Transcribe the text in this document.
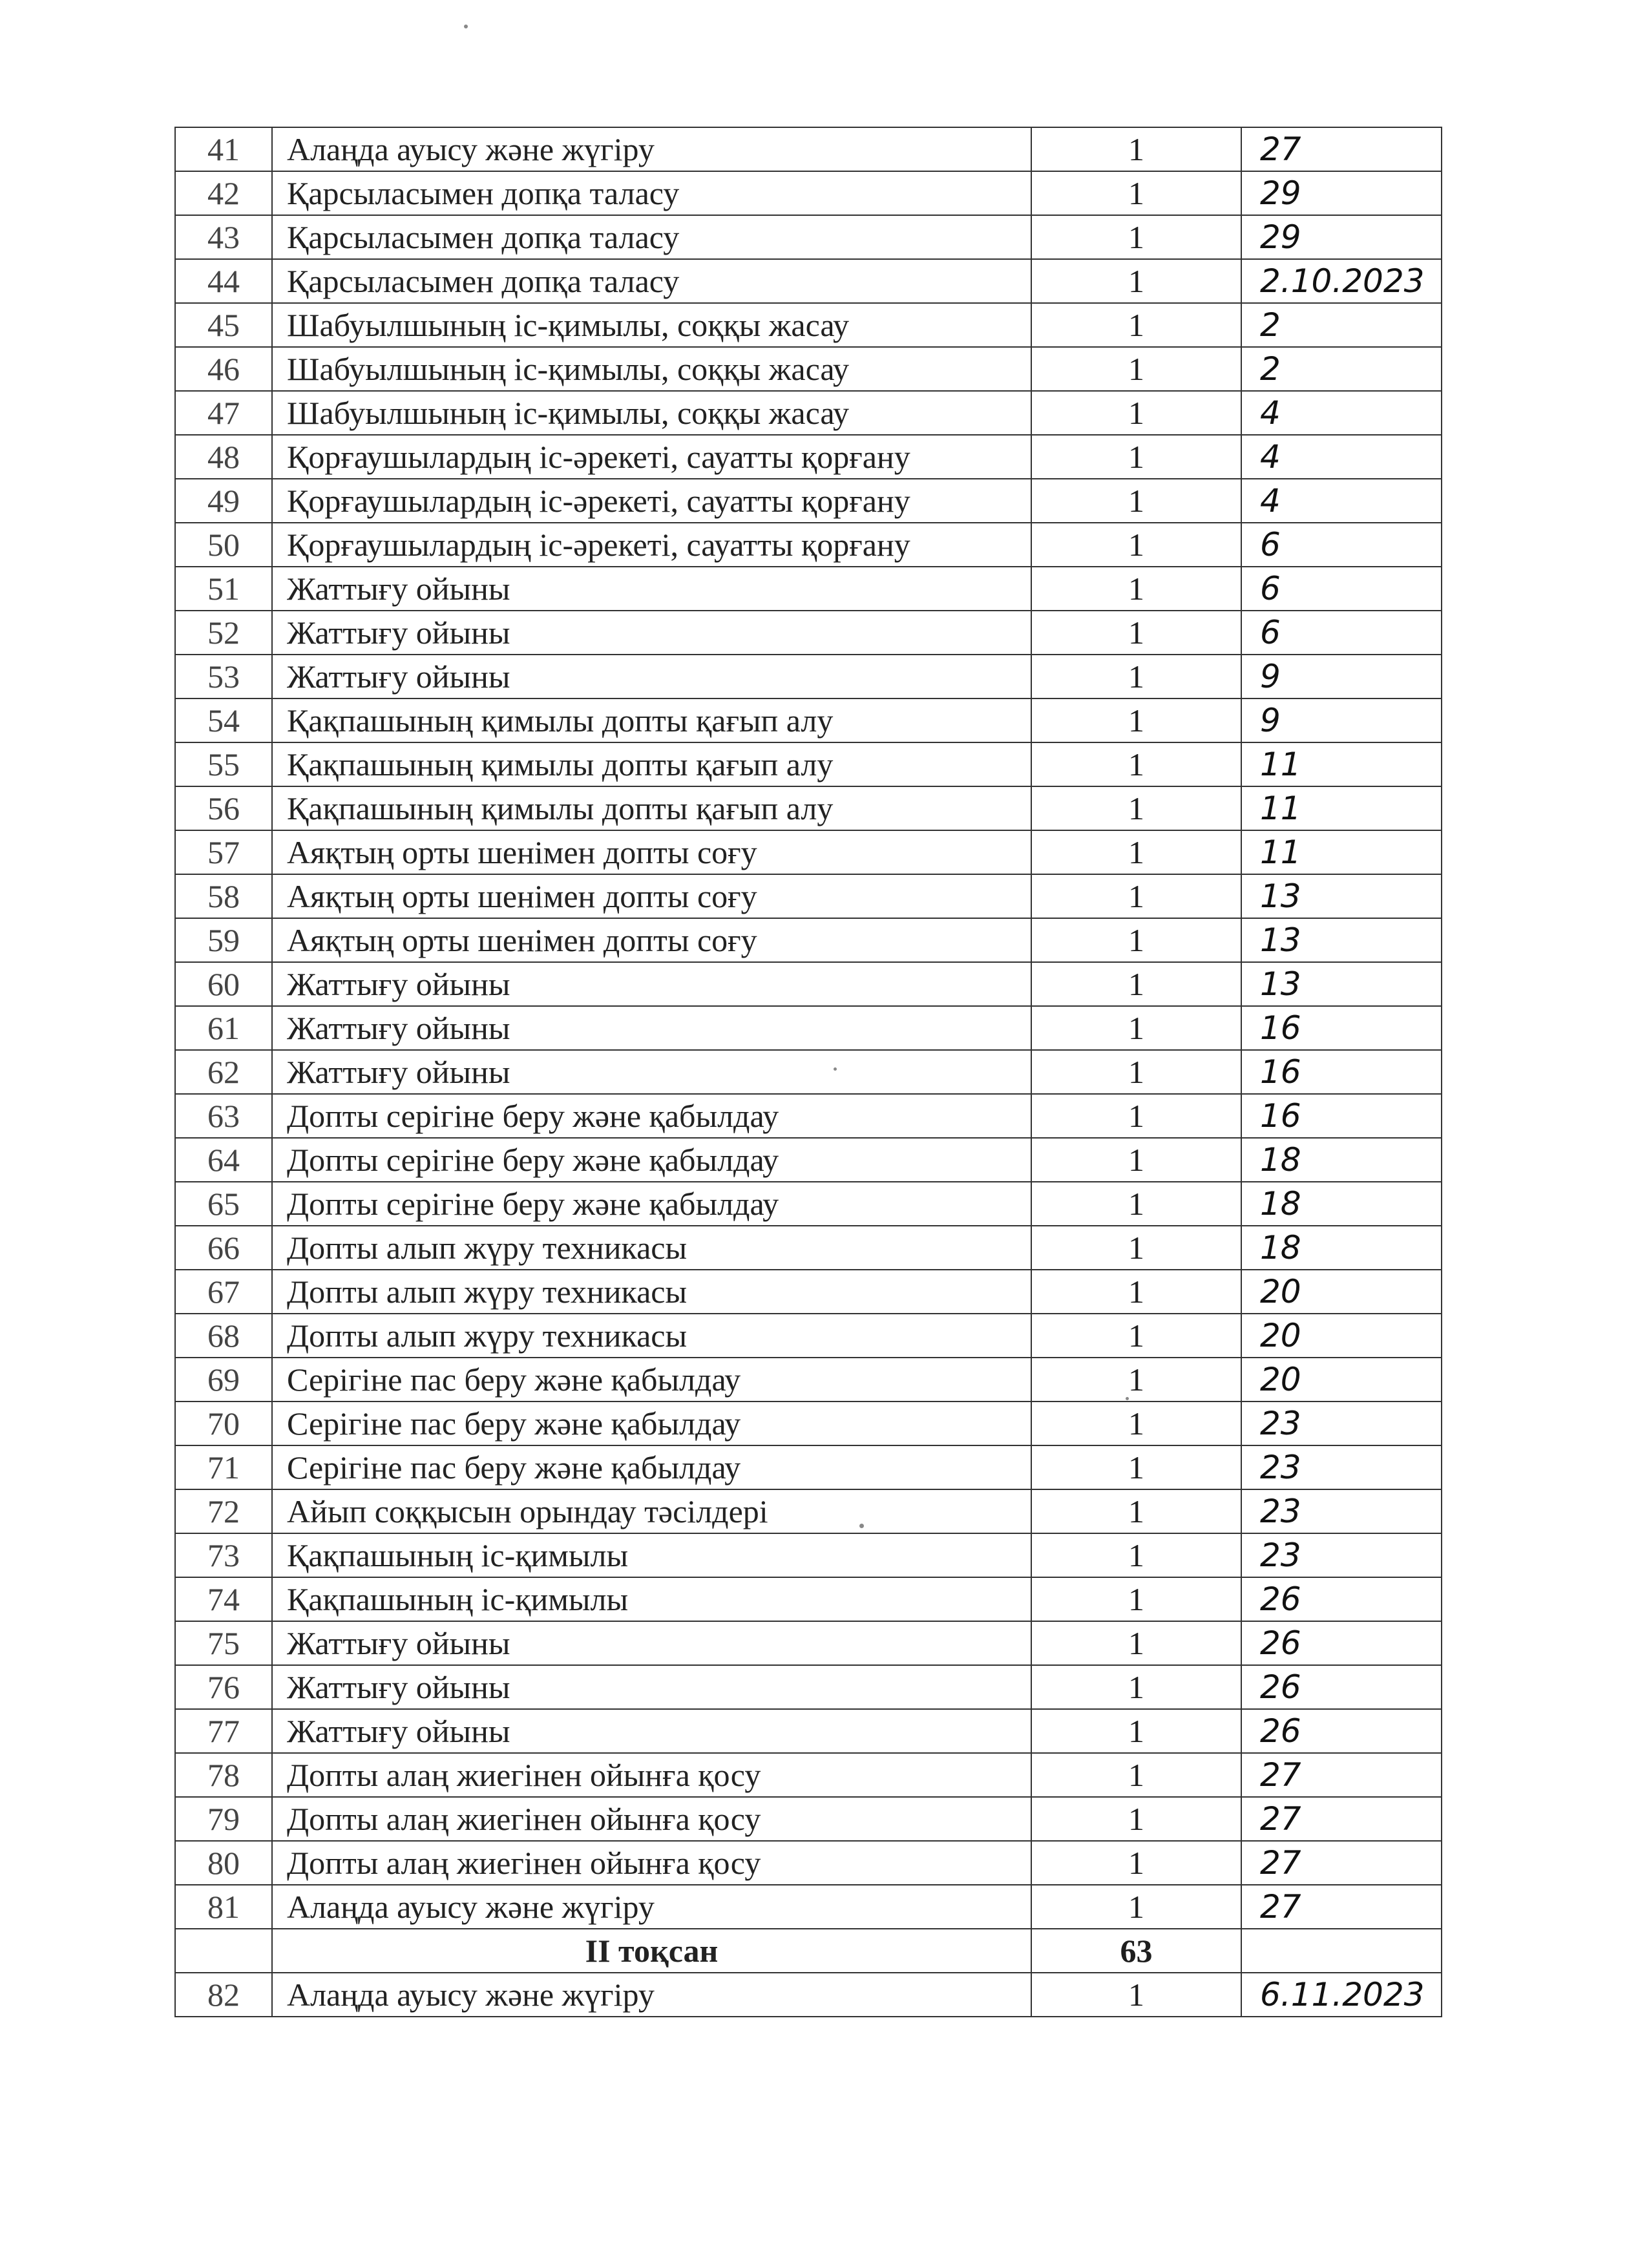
41	Алаңда ауысу және жүгіру	1	27
42	Қарсыласымен допқа таласу	1	29
43	Қарсыласымен допқа таласу	1	29
44	Қарсыласымен допқа таласу	1	2.10.2023
45	Шабуылшының іс-қимылы, соққы жасау	1	2
46	Шабуылшының іс-қимылы, соққы жасау	1	2
47	Шабуылшының іс-қимылы, соққы жасау	1	4
48	Қорғаушылардың іс-әрекеті, сауатты қорғану	1	4
49	Қорғаушылардың іс-әрекеті, сауатты қорғану	1	4
50	Қорғаушылардың іс-әрекеті, сауатты қорғану	1	6
51	Жаттығу ойыны	1	6
52	Жаттығу ойыны	1	6
53	Жаттығу ойыны	1	9
54	Қақпашының қимылы допты қағып алу	1	9
55	Қақпашының қимылы допты қағып алу	1	11
56	Қақпашының қимылы допты қағып алу	1	11
57	Аяқтың орты шенімен допты соғу	1	11
58	Аяқтың орты шенімен допты соғу	1	13
59	Аяқтың орты шенімен допты соғу	1	13
60	Жаттығу ойыны	1	13
61	Жаттығу ойыны	1	16
62	Жаттығу ойыны	1	16
63	Допты серігіне беру және қабылдау	1	16
64	Допты серігіне беру және қабылдау	1	18
65	Допты серігіне беру және қабылдау	1	18
66	Допты алып жүру техникасы	1	18
67	Допты алып жүру техникасы	1	20
68	Допты алып жүру техникасы	1	20
69	Серігіне пас беру және қабылдау	1	20
70	Серігіне пас беру және қабылдау	1	23
71	Серігіне пас беру және қабылдау	1	23
72	Айып соққысын орындау тәсілдері	1	23
73	Қақпашының іс-қимылы	1	23
74	Қақпашының іс-қимылы	1	26
75	Жаттығу ойыны	1	26
76	Жаттығу ойыны	1	26
77	Жаттығу ойыны	1	26
78	Допты алаң жиегінен ойынға қосу	1	27
79	Допты алаң жиегінен ойынға қосу	1	27
80	Допты алаң жиегінен ойынға қосу	1	27
81	Алаңда ауысу және жүгіру	1	27
	ІІ тоқсан	63	
82	Алаңда ауысу және жүгіру	1	6.11.2023
